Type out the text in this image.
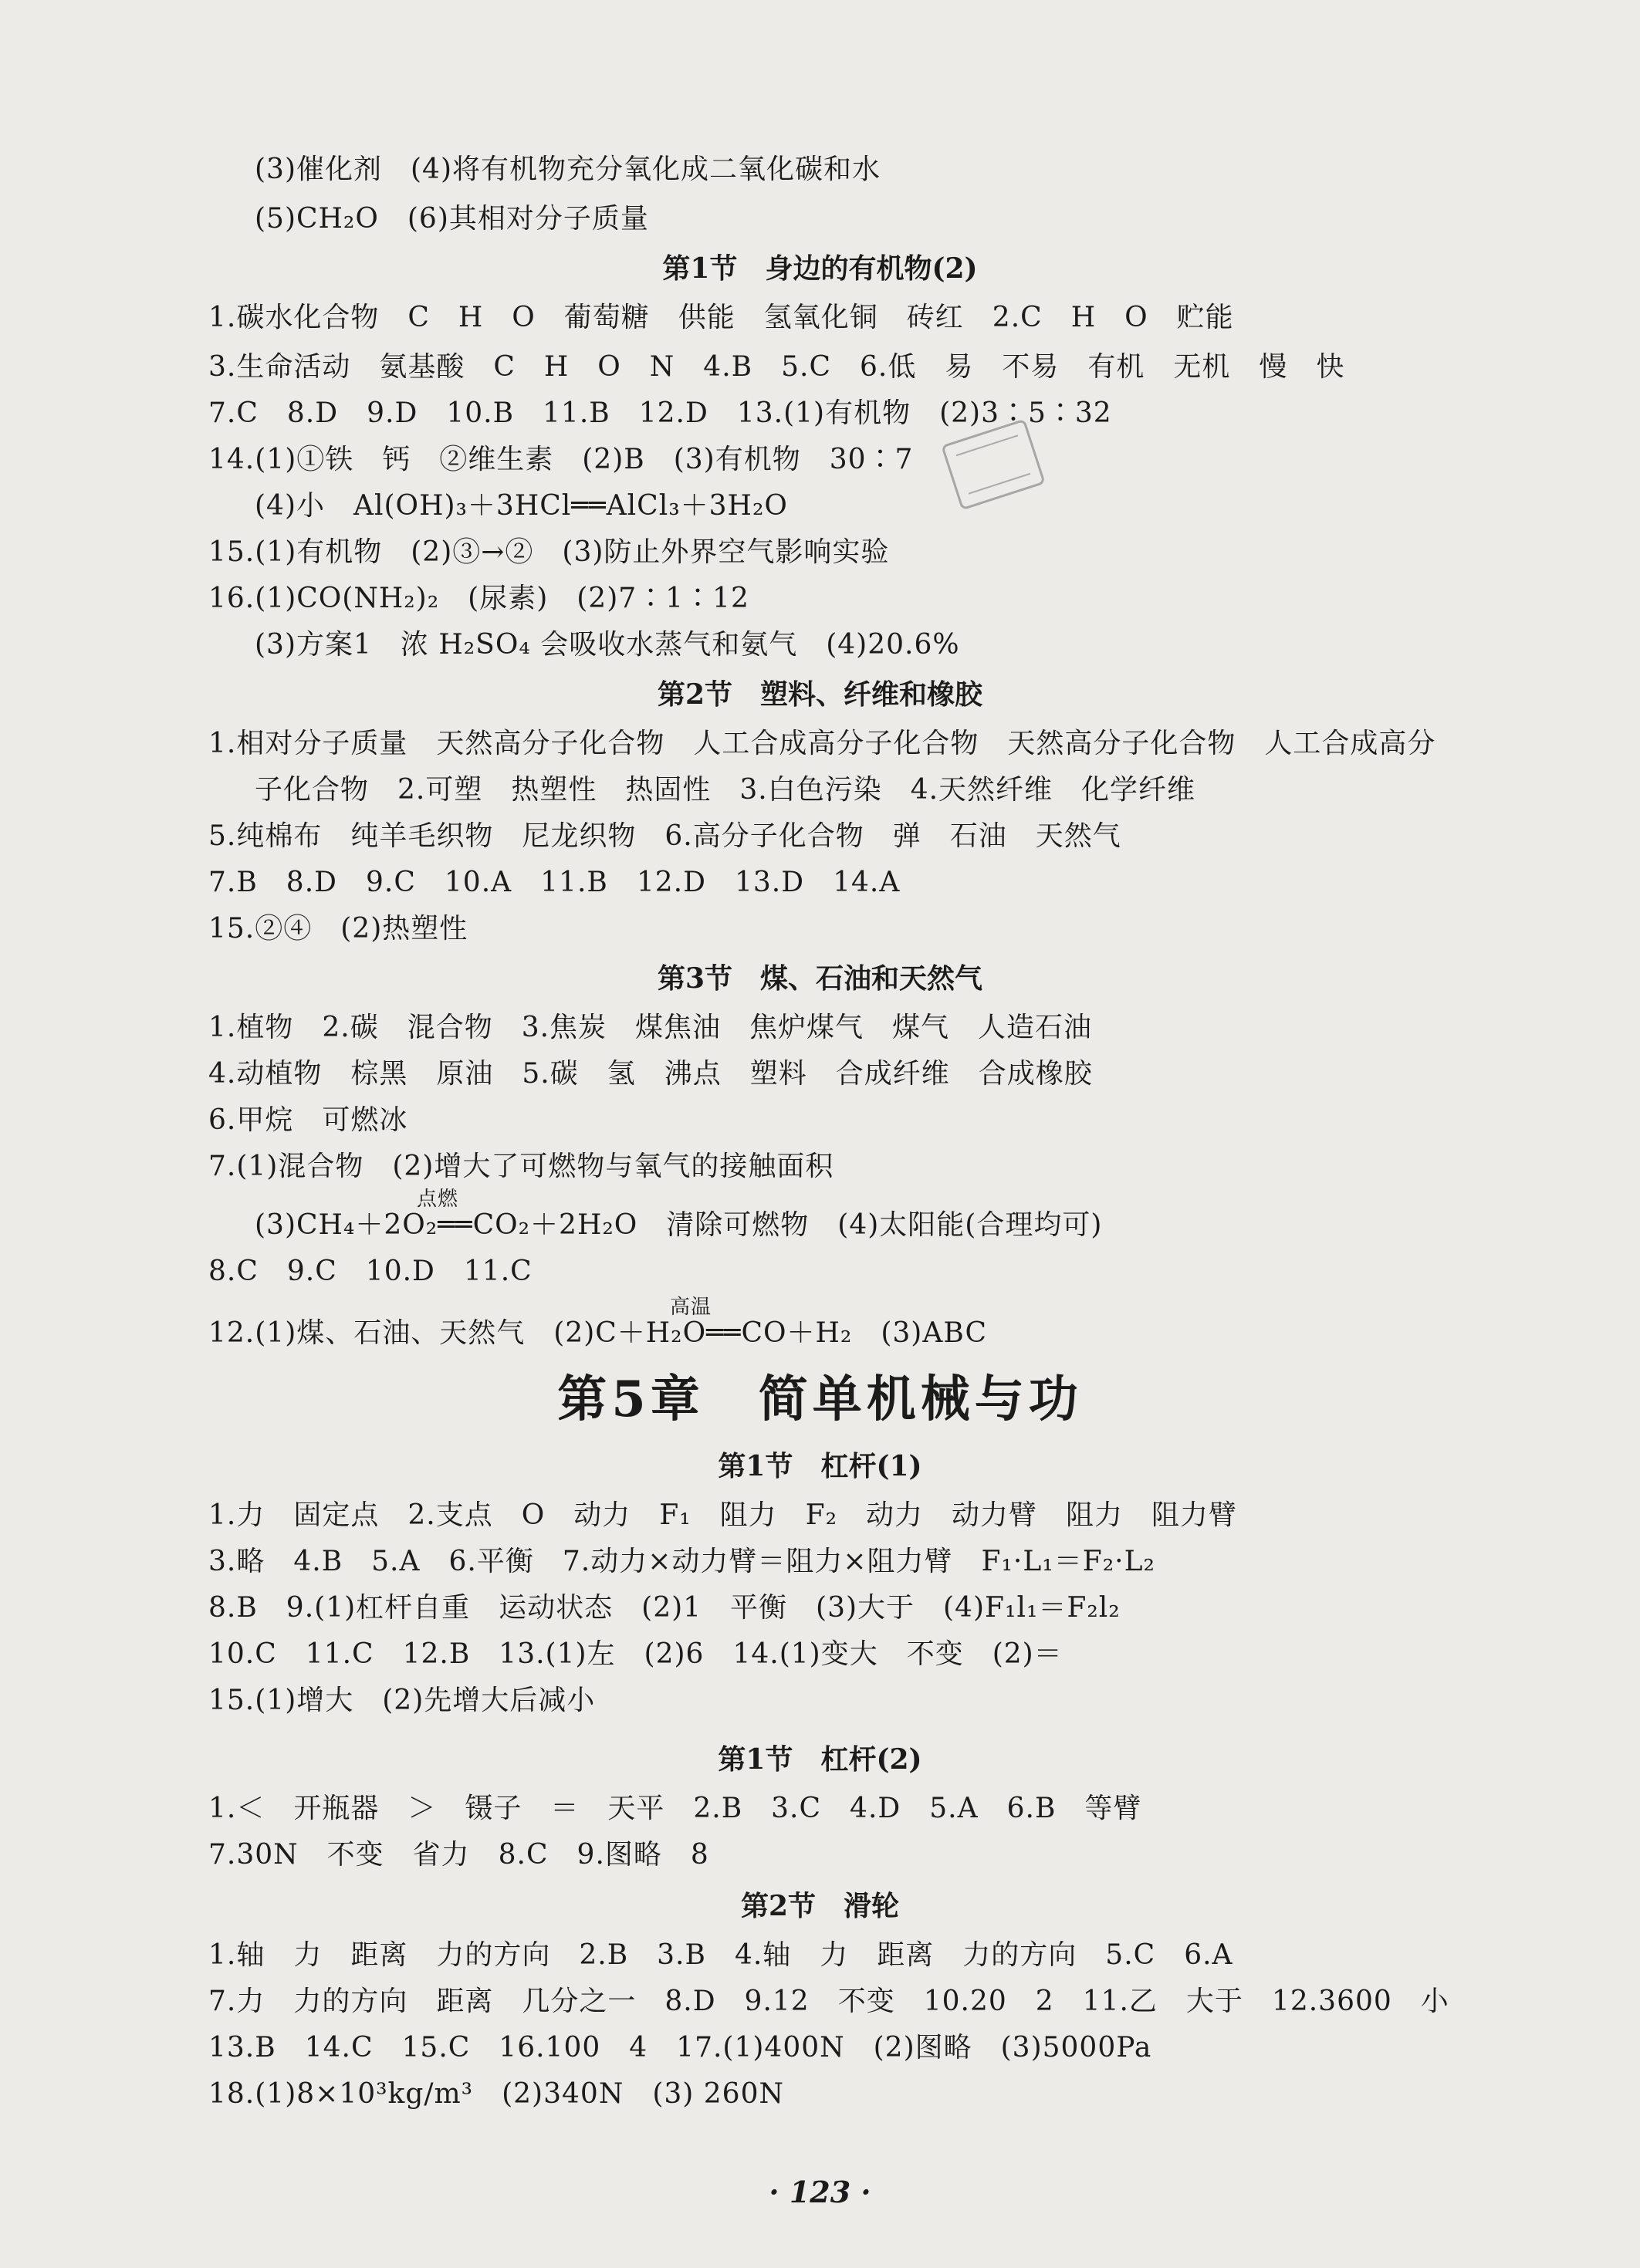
(3)催化剂　(4)将有机物充分氧化成二氧化碳和水
(5)CH₂O　(6)其相对分子质量
第1节　身边的有机物(2)
1.碳水化合物　C　H　O　葡萄糖　供能　氢氧化铜　砖红　2.C　H　O　贮能
3.生命活动　氨基酸　C　H　O　N　4.B　5.C　6.低　易　不易　有机　无机　慢　快
7.C　8.D　9.D　10.B　11.B　12.D　13.(1)有机物　(2)3∶5∶32
14.(1)①铁　钙　②维生素　(2)B　(3)有机物　30∶7
(4)小　Al(OH)₃＋3HCl══AlCl₃＋3H₂O
15.(1)有机物　(2)③→②　(3)防止外界空气影响实验
16.(1)CO(NH₂)₂　(尿素)　(2)7∶1∶12
(3)方案1　浓 H₂SO₄ 会吸收水蒸气和氨气　(4)20.6%
第2节　塑料、纤维和橡胶
1.相对分子质量　天然高分子化合物　人工合成高分子化合物　天然高分子化合物　人工合成高分
子化合物　2.可塑　热塑性　热固性　3.白色污染　4.天然纤维　化学纤维
5.纯棉布　纯羊毛织物　尼龙织物　6.高分子化合物　弹　石油　天然气
7.B　8.D　9.C　10.A　11.B　12.D　13.D　14.A
15.②④　(2)热塑性
第3节　煤、石油和天然气
1.植物　2.碳　混合物　3.焦炭　煤焦油　焦炉煤气　煤气　人造石油
4.动植物　棕黑　原油　5.碳　氢　沸点　塑料　合成纤维　合成橡胶
6.甲烷　可燃冰
7.(1)混合物　(2)增大了可燃物与氧气的接触面积
(3)CH₄＋2O₂══CO₂＋2H₂O　清除可燃物　(4)太阳能(合理均可)
点燃
8.C　9.C　10.D　11.C
12.(1)煤、石油、天然气　(2)C＋H₂O══CO＋H₂　(3)ABC
高温
第5章　简单机械与功
第1节　杠杆(1)
1.力　固定点　2.支点　O　动力　F₁　阻力　F₂　动力　动力臂　阻力　阻力臂
3.略　4.B　5.A　6.平衡　7.动力×动力臂＝阻力×阻力臂　F₁·L₁＝F₂·L₂
8.B　9.(1)杠杆自重　运动状态　(2)1　平衡　(3)大于　(4)F₁l₁＝F₂l₂
10.C　11.C　12.B　13.(1)左　(2)6　14.(1)变大　不变　(2)＝
15.(1)增大　(2)先增大后减小
第1节　杠杆(2)
1.＜　开瓶器　＞　镊子　＝　天平　2.B　3.C　4.D　5.A　6.B　等臂
7.30N　不变　省力　8.C　9.图略　8
第2节　滑轮
1.轴　力　距离　力的方向　2.B　3.B　4.轴　力　距离　力的方向　5.C　6.A
7.力　力的方向　距离　几分之一　8.D　9.12　不变　10.20　2　11.乙　大于　12.3600　小
13.B　14.C　15.C　16.100　4　17.(1)400N　(2)图略　(3)5000Pa
18.(1)8×10³kg/m³　(2)340N　(3) 260N
· 123 ·
